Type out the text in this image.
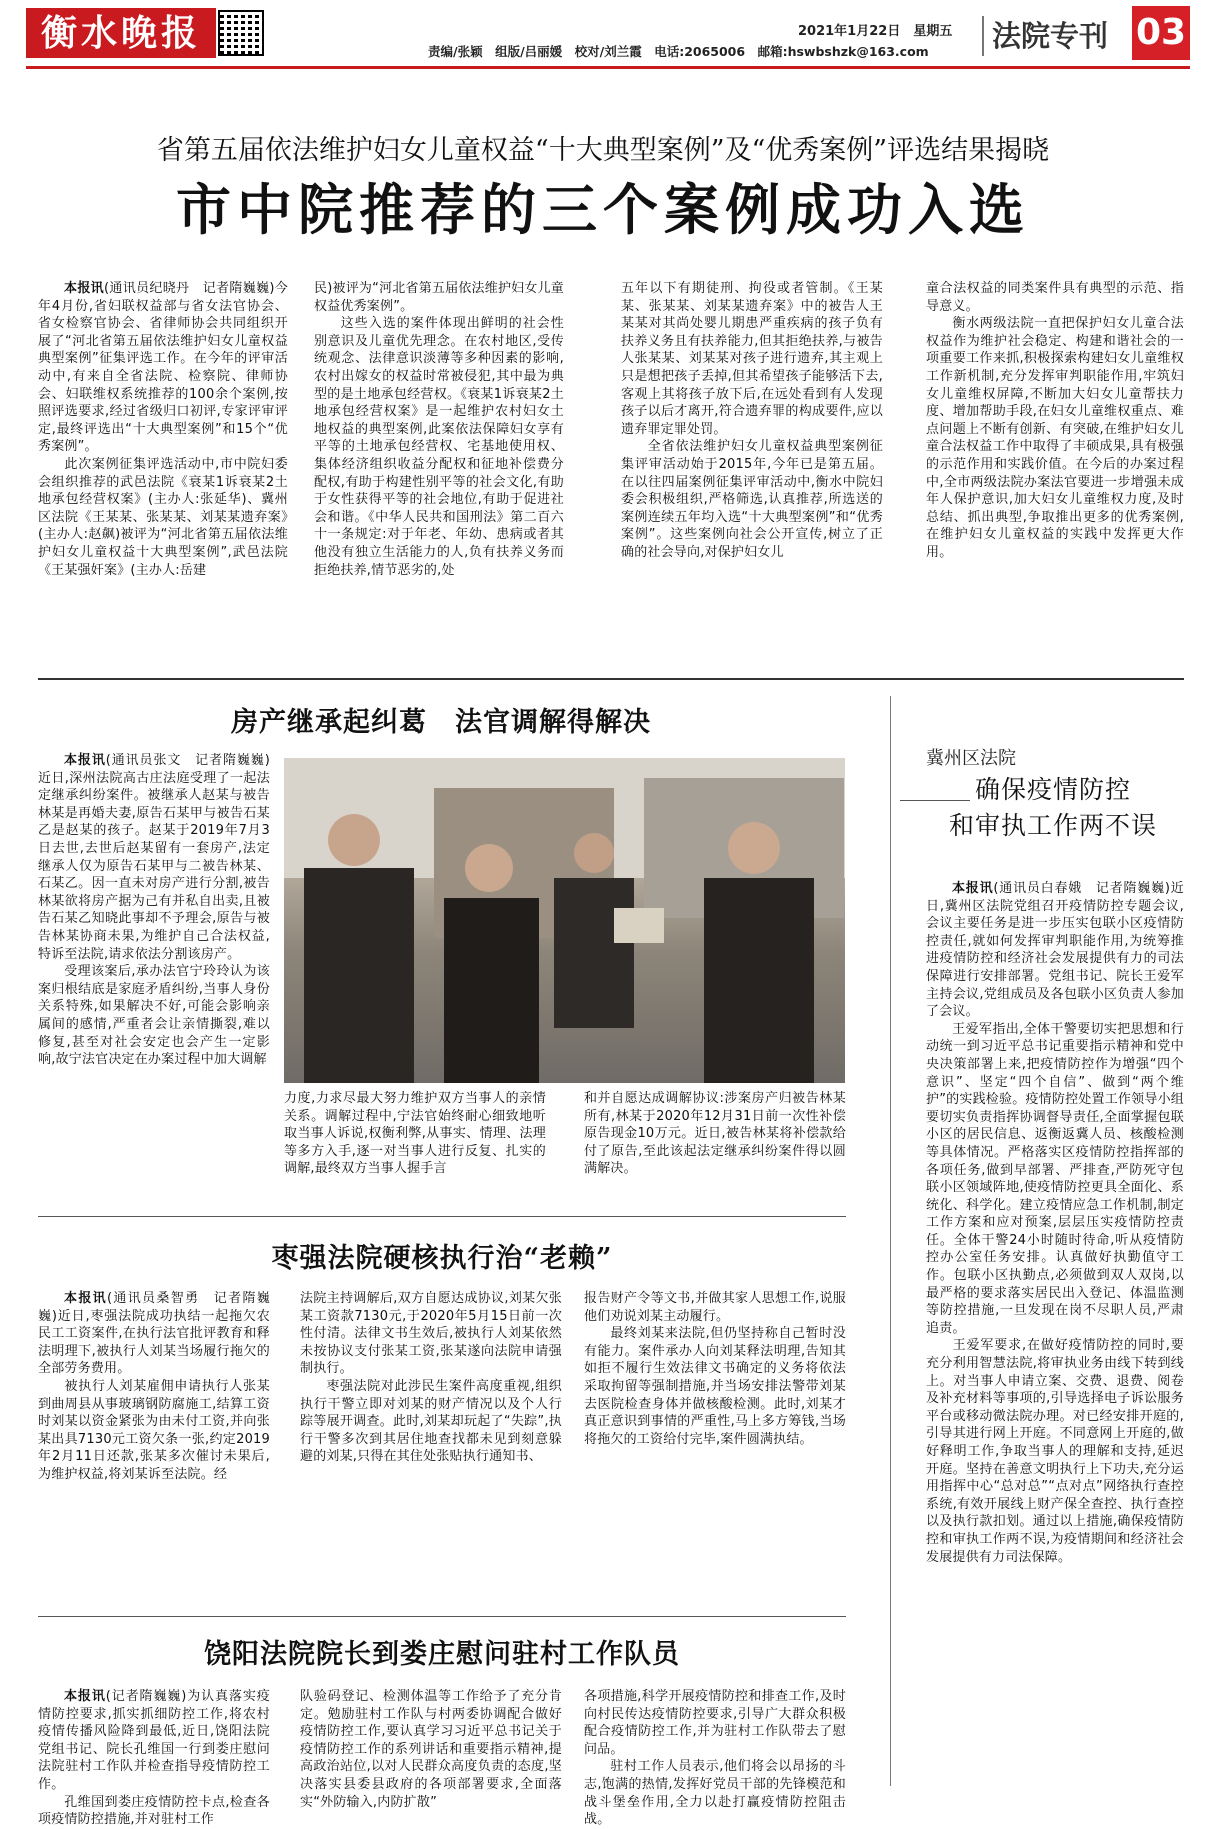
衡水晚报	2021年1月22日　星期五
责编/张颖　组版/吕丽媛　校对/刘兰霞　电话:2065006　邮箱:hswbshzk@163.com 法院专刊 03
省第五届依法维护妇女儿童权益“十大典型案例”及“优秀案例”评选结果揭晓
市中院推荐的三个案例成功入选
本报讯(通讯员纪晓丹　记者隋巍巍)今年4月份,省妇联权益部与省女法官协会、省女检察官协会、省律师协会共同组织开展了“河北省第五届依法维护妇女儿童权益典型案例”征集评选工作。在今年的评审活动中,有来自全省法院、检察院、律师协会、妇联维权系统推荐的100余个案例,按照评选要求,经过省级归口初评,专家评审评定,最终评选出“十大典型案例”和15个“优秀案例”。
此次案例征集评选活动中,市中院妇委会组织推荐的武邑法院《衰某1诉衰某2土地承包经营权案》(主办人:张延华)、冀州区法院《王某某、张某某、刘某某遗弃案》(主办人:赵飙)被评为“河北省第五届依法维护妇女儿童权益十大典型案例”,武邑法院《王某强奸案》(主办人:岳建
民)被评为“河北省第五届依法维护妇女儿童权益优秀案例”。
这些入选的案件体现出鲜明的社会性别意识及儿童优先理念。在农村地区,受传统观念、法律意识淡薄等多种因素的影响,农村出嫁女的权益时常被侵犯,其中最为典型的是土地承包经营权。《衰某1诉衰某2土地承包经营权案》是一起维护农村妇女土地权益的典型案例,此案依法保障妇女享有平等的土地承包经营权、宅基地使用权、集体经济组织收益分配权和征地补偿费分配权,有助于构建性别平等的社会文化,有助于女性获得平等的社会地位,有助于促进社会和谐。《中华人民共和国刑法》第二百六十一条规定:对于年老、年幼、患病或者其他没有独立生活能力的人,负有扶养义务而拒绝扶养,情节恶劣的,处
五年以下有期徒刑、拘役或者管制。《王某某、张某某、刘某某遗弃案》中的被告人王某某对其尚处婴儿期患严重疾病的孩子负有扶养义务且有扶养能力,但其拒绝扶养,与被告人张某某、刘某某对孩子进行遗弃,其主观上只是想把孩子丢掉,但其希望孩子能够活下去,客观上其将孩子放下后,在远处看到有人发现孩子以后才离开,符合遗弃罪的构成要件,应以遗弃罪定罪处罚。
全省依法维护妇女儿童权益典型案例征集评审活动始于2015年,今年已是第五届。在以往四届案例征集评审活动中,衡水中院妇委会积极组织,严格筛选,认真推荐,所选送的案例连续五年均入选“十大典型案例”和“优秀案例”。这些案例向社会公开宣传,树立了正确的社会导向,对保护妇女儿
童合法权益的同类案件具有典型的示范、指导意义。
衡水两级法院一直把保护妇女儿童合法权益作为维护社会稳定、构建和谐社会的一项重要工作来抓,积极探索构建妇女儿童维权工作新机制,充分发挥审判职能作用,牢筑妇女儿童维权屏障,不断加大妇女儿童帮扶力度、增加帮助手段,在妇女儿童维权重点、难点问题上不断有创新、有突破,在维护妇女儿童合法权益工作中取得了丰硕成果,具有极强的示范作用和实践价值。在今后的办案过程中,全市两级法院办案法官要进一步增强未成年人保护意识,加大妇女儿童维权力度,及时总结、抓出典型,争取推出更多的优秀案例,在维护妇女儿童权益的实践中发挥更大作用。
房产继承起纠葛　法官调解得解决
本报讯(通讯员张文　记者隋巍巍)近日,深州法院高古庄法庭受理了一起法定继承纠纷案件。被继承人赵某与被告林某是再婚夫妻,原告石某甲与被告石某乙是赵某的孩子。赵某于2019年7月3日去世,去世后赵某留有一套房产,法定继承人仅为原告石某甲与二被告林某、石某乙。因一直未对房产进行分割,被告林某欲将房产据为己有并私自出卖,且被告石某乙知晓此事却不予理会,原告与被告林某协商未果,为维护自己合法权益,特诉至法院,请求依法分割该房产。
受理该案后,承办法官宁玲玲认为该案归根结底是家庭矛盾纠纷,当事人身份关系特殊,如果解决不好,可能会影响亲属间的感情,严重者会让亲情撕裂,难以修复,甚至对社会安定也会产生一定影响,故宁法官决定在办案过程中加大调解
力度,力求尽最大努力维护双方当事人的亲情关系。调解过程中,宁法官始终耐心细致地听取当事人诉说,权衡利弊,从事实、情理、法理等多方入手,逐一对当事人进行反复、扎实的调解,最终双方当事人握手言
和并自愿达成调解协议:涉案房产归被告林某所有,林某于2020年12月31日前一次性补偿原告现金10万元。近日,被告林某将补偿款给付了原告,至此该起法定继承纠纷案件得以圆满解决。
枣强法院硬核执行治“老赖”
本报讯(通讯员桑智勇　记者隋巍巍)近日,枣强法院成功执结一起拖欠农民工工资案件,在执行法官批评教育和释法明理下,被执行人刘某当场履行拖欠的全部劳务费用。
被执行人刘某雇佣申请执行人张某到曲周县从事玻璃钢防腐施工,结算工资时刘某以资金紧张为由未付工资,并向张某出具7130元工资欠条一张,约定2019年2月11日还款,张某多次催讨未果后,为维护权益,将刘某诉至法院。经
法院主持调解后,双方自愿达成协议,刘某欠张某工资款7130元,于2020年5月15日前一次性付清。法律文书生效后,被执行人刘某依然未按协议支付张某工资,张某遂向法院申请强制执行。
枣强法院对此涉民生案件高度重视,组织执行干警立即对刘某的财产情况以及个人行踪等展开调查。此时,刘某却玩起了“失踪”,执行干警多次到其居住地查找都未见到刻意躲避的刘某,只得在其住处张贴执行通知书、
报告财产令等文书,并做其家人思想工作,说服他们劝说刘某主动履行。
最终刘某来法院,但仍坚持称自己暂时没有能力。案件承办人向刘某释法明理,告知其如拒不履行生效法律文书确定的义务将依法采取拘留等强制措施,并当场安排法警带刘某去医院检查身体并做核酸检测。此时,刘某才真正意识到事情的严重性,马上多方筹钱,当场将拖欠的工资给付完毕,案件圆满执结。
饶阳法院院长到娄庄慰问驻村工作队员
本报讯(记者隋巍巍)为认真落实疫情防控要求,抓实抓细防控工作,将农村疫情传播风险降到最低,近日,饶阳法院党组书记、院长孔维国一行到娄庄慰问法院驻村工作队并检查指导疫情防控工作。
孔维国到娄庄疫情防控卡点,检查各项疫情防控措施,并对驻村工作
队验码登记、检测体温等工作给予了充分肯定。勉励驻村工作队与村两委协调配合做好疫情防控工作,要认真学习习近平总书记关于疫情防控工作的系列讲话和重要指示精神,提高政治站位,以对人民群众高度负责的态度,坚决落实县委县政府的各项部署要求,全面落实“外防输入,内防扩散”
各项措施,科学开展疫情防控和排查工作,及时向村民传达疫情防控要求,引导广大群众积极配合疫情防控工作,并为驻村工作队带去了慰问品。
驻村工作人员表示,他们将会以昂扬的斗志,饱满的热情,发挥好党员干部的先锋模范和战斗堡垒作用,全力以赴打赢疫情防控阻击战。
冀州区法院
确保疫情防控
和审执工作两不误
本报讯(通讯员白春娥　记者隋巍巍)近日,冀州区法院党组召开疫情防控专题会议,会议主要任务是进一步压实包联小区疫情防控责任,就如何发挥审判职能作用,为统筹推进疫情防控和经济社会发展提供有力的司法保障进行安排部署。党组书记、院长王爱军主持会议,党组成员及各包联小区负责人参加了会议。
王爱军指出,全体干警要切实把思想和行动统一到习近平总书记重要指示精神和党中央决策部署上来,把疫情防控作为增强“四个意识”、坚定“四个自信”、做到“两个维护”的实践检验。疫情防控处置工作领导小组要切实负责指挥协调督导责任,全面掌握包联小区的居民信息、返衡返冀人员、核酸检测等具体情况。严格落实区疫情防控指挥部的各项任务,做到早部署、严排查,严防死守包联小区领域阵地,使疫情防控更具全面化、系统化、科学化。建立疫情应急工作机制,制定工作方案和应对预案,层层压实疫情防控责任。全体干警24小时随时待命,听从疫情防控办公室任务安排。认真做好执勤值守工作。包联小区执勤点,必须做到双人双岗,以最严格的要求落实居民出入登记、体温监测等防控措施,一旦发现在岗不尽职人员,严肃追责。
王爱军要求,在做好疫情防控的同时,要充分利用智慧法院,将审执业务由线下转到线上。对当事人申请立案、交费、退费、阅卷及补充材料等事项的,引导选择电子诉讼服务平台或移动微法院办理。对已经安排开庭的,引导其进行网上开庭。不同意网上开庭的,做好释明工作,争取当事人的理解和支持,延迟开庭。坚持在善意文明执行上下功夫,充分运用指挥中心“总对总”“点对点”网络执行查控系统,有效开展线上财产保全查控、执行查控以及执行款扣划。通过以上措施,确保疫情防控和审执工作两不误,为疫情期间和经济社会发展提供有力司法保障。
